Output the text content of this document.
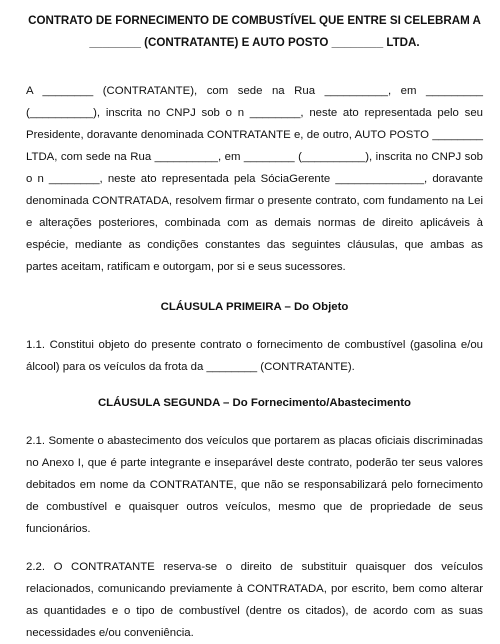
CONTRATO DE FORNECIMENTO DE COMBUSTÍVEL QUE ENTRE SI CELEBRAM A ________ (CONTRATANTE) E AUTO POSTO ________ LTDA.

A ________ (CONTRATANTE), com sede na Rua __________, em _________ (__________), inscrita no CNPJ sob o n ________, neste ato representada pelo seu Presidente, doravante denominada CONTRATANTE e, de outro, AUTO POSTO ________ LTDA, com sede na Rua __________, em ________ (__________), inscrita no CNPJ sob o n ________, neste ato representada pela SóciaGerente ______________, doravante denominada CONTRATADA, resolvem firmar o presente contrato, com fundamento na Lei e alterações posteriores, combinada com as demais normas de direito aplicáveis à espécie, mediante as condições constantes das seguintes cláusulas, que ambas as partes aceitam, ratificam e outorgam, por si e seus sucessores.

CLÁUSULA PRIMEIRA – Do Objeto

1.1. Constitui objeto do presente contrato o fornecimento de combustível (gasolina e/ou álcool) para os veículos da frota da ________ (CONTRATANTE).

CLÁUSULA SEGUNDA – Do Fornecimento/Abastecimento

2.1. Somente o abastecimento dos veículos que portarem as placas oficiais discriminadas no Anexo I, que é parte integrante e inseparável deste contrato, poderão ter seus valores debitados em nome da CONTRATANTE, que não se responsabilizará pelo fornecimento de combustível e quaisquer outros veículos, mesmo que de propriedade de seus funcionários.

2.2. O CONTRATANTE reserva-se o direito de substituir quaisquer dos veículos relacionados, comunicando previamente à CONTRATADA, por escrito, bem como alterar as quantidades e o tipo de combustível (dentre os citados), de acordo com as suas necessidades e/ou conveniência.
